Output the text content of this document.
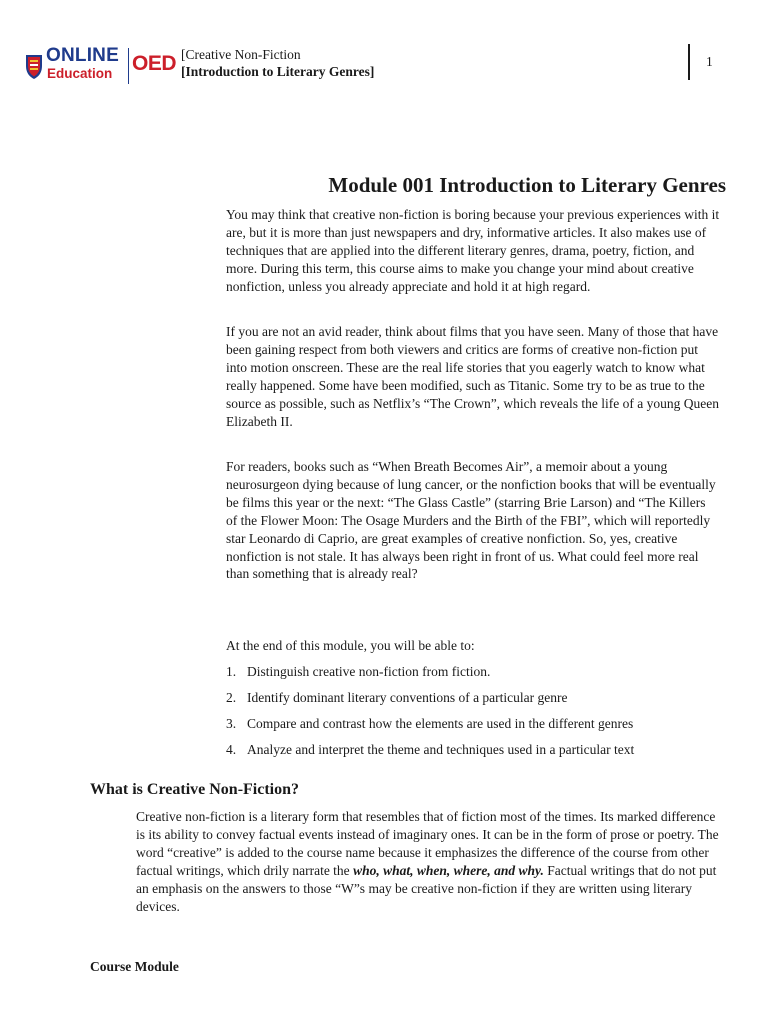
ONLINE
Education OED [Creative Non-Fiction
[Introduction to Literary Genres]
1
Module 001 Introduction to Literary Genres

You may think that creative non-fiction is boring because your previous experiences with it are, but it is more than just newspapers and dry, informative articles. It also makes use of techniques that are applied into the different literary genres, drama, poetry, fiction, and more. During this term, this course aims to make you change your mind about creative nonfiction, unless you already appreciate and hold it at high regard.

If you are not an avid reader, think about films that you have seen. Many of those that have been gaining respect from both viewers and critics are forms of creative non-fiction put into motion onscreen. These are the real life stories that you eagerly watch to know what really happened. Some have been modified, such as Titanic. Some try to be as true to the source as possible, such as Netflix’s “The Crown”, which reveals the life of a young Queen Elizabeth II.

For readers, books such as “When Breath Becomes Air”, a memoir about a young neurosurgeon dying because of lung cancer, or the nonfiction books that will be eventually be films this year or the next: “The Glass Castle” (starring Brie Larson) and “The Killers of the Flower Moon: The Osage Murders and the Birth of the FBI”, which will reportedly star Leonardo di Caprio, are great examples of creative nonfiction. So, yes, creative nonfiction is not stale. It has always been right in front of us. What could feel more real than something that is already real?

At the end of this module, you will be able to:

1. Distinguish creative non-fiction from fiction.
2. Identify dominant literary conventions of a particular genre
3. Compare and contrast how the elements are used in the different genres
4. Analyze and interpret the theme and techniques used in a particular text
What is Creative Non-Fiction?

Creative non-fiction is a literary form that resembles that of fiction most of the times. Its marked difference is its ability to convey factual events instead of imaginary ones. It can be in the form of prose or poetry. The word “creative” is added to the course name because it emphasizes the difference of the course from other factual writings, which drily narrate the who, what, when, where, and why. Factual writings that do not put an emphasis on the answers to those “W”s may be creative non-fiction if they are written using literary devices.

Course Module
